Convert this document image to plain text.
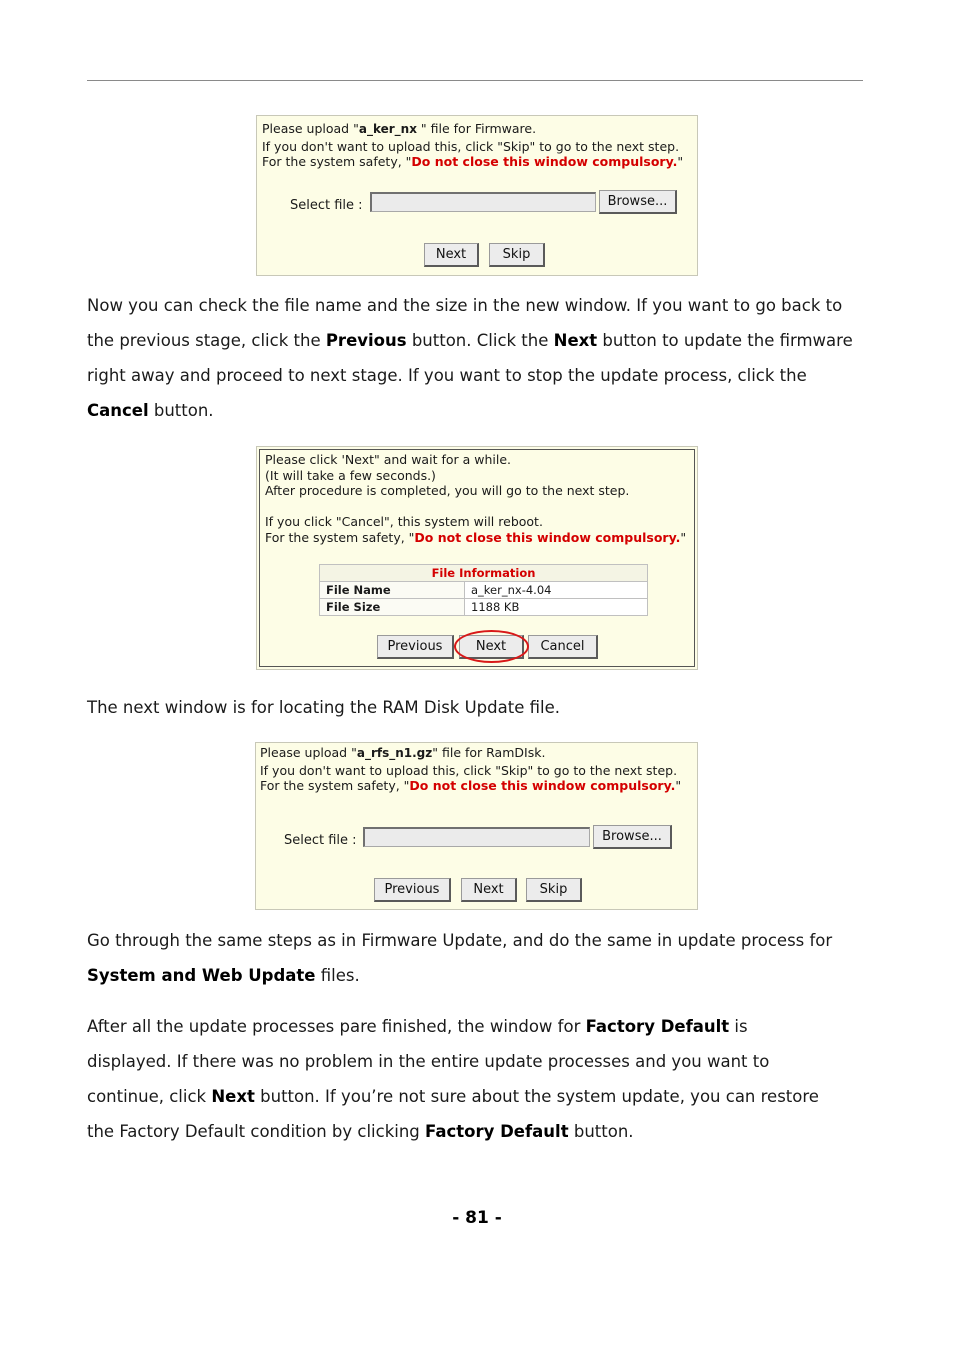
Please upload "a_ker_nx " file for Firmware.
If you don't want to upload this, click "Skip" to go to the next step.
For the system safety, "Do not close this window compulsory."
Select file :	Browse...
Next	Skip

Now you can check the file name and the size in the new window. If you want to go back to the previous stage, click the Previous button. Click the Next button to update the firmware right away and proceed to next stage. If you want to stop the update process, click the Cancel button.

Please click 'Next" and wait for a while.
(It will take a few seconds.)
After procedure is completed, you will go to the next step.
If you click "Cancel", this system will reboot.
For the system safety, "Do not close this window compulsory."
File Information	
File Name	a_ker_nx-4.04
File Size	1188 KB
Previous	Next	Cancel

The next window is for locating the RAM Disk Update file.

Please upload "a_rfs_n1.gz" file for RamDIsk.
If you don't want to upload this, click "Skip" to go to the next step.
For the system safety, "Do not close this window compulsory."
Select file :	Browse...
Previous	Next	Skip

Go through the same steps as in Firmware Update, and do the same in update process for System and Web Update files.

After all the update processes pare finished, the window for Factory Default is displayed. If there was no problem in the entire update processes and you want to continue, click Next button. If you’re not sure about the system update, you can restore the Factory Default condition by clicking Factory Default button.

- 81 -
